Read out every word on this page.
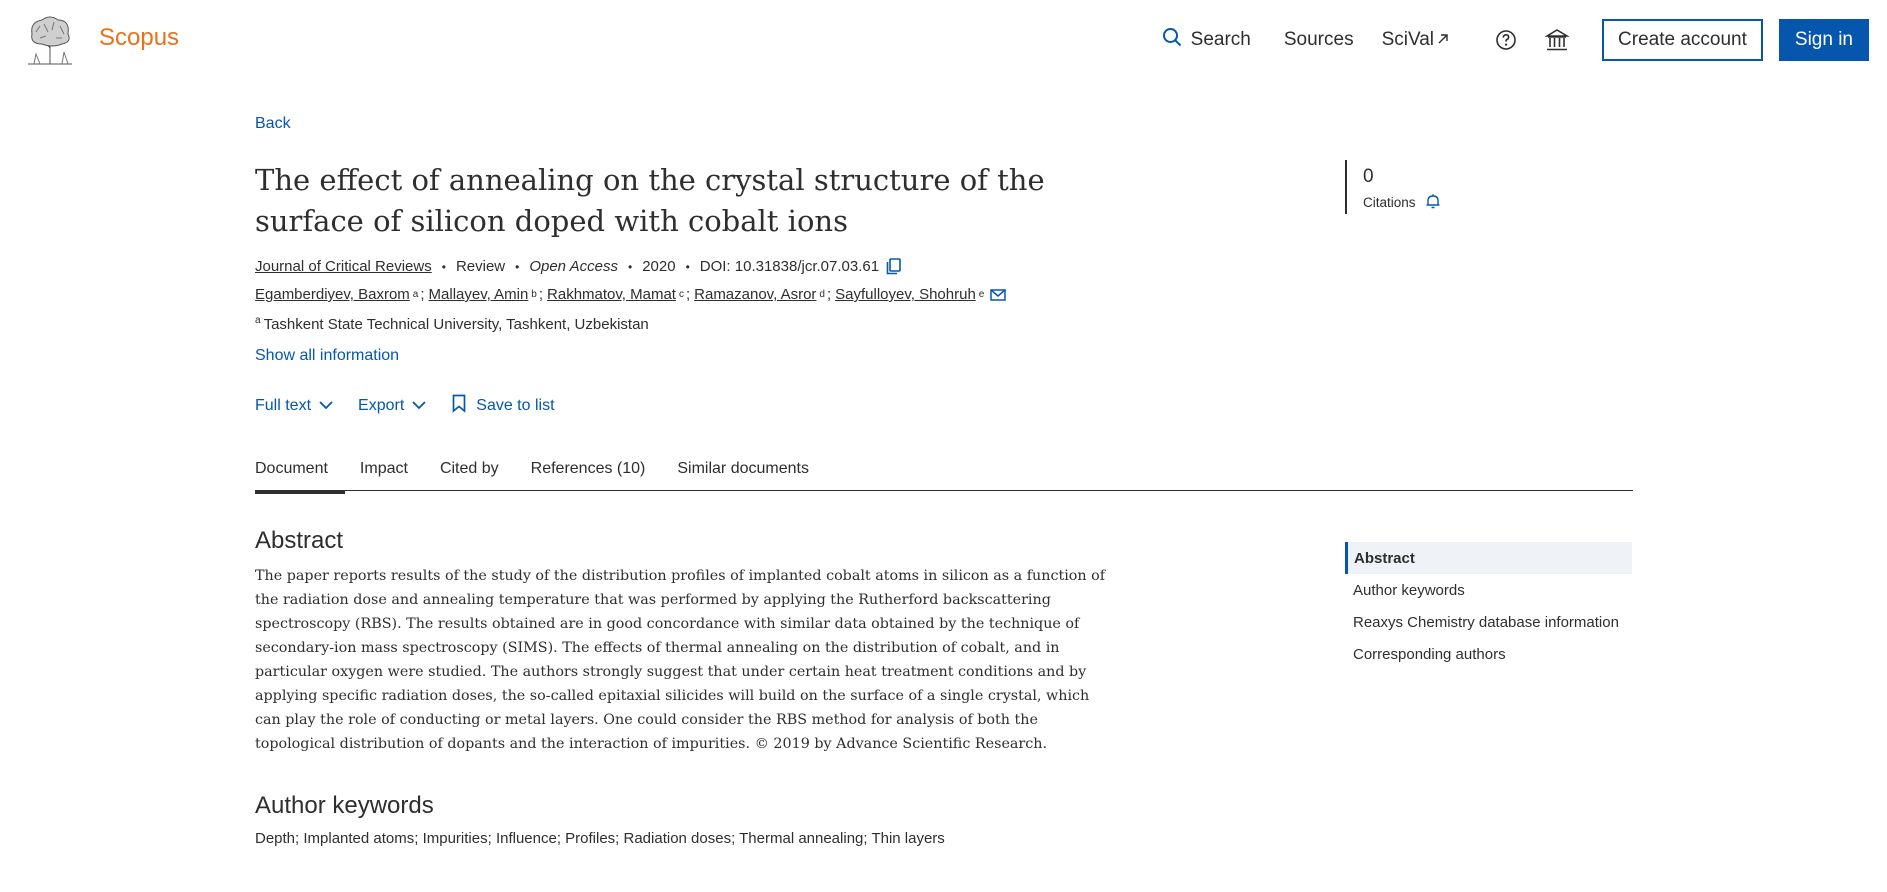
Scopus	Search Sources SciVal	Create account	Sign in
Back
The effect of annealing on the crystal structure of the surface of silicon doped with cobalt ions
Journal of Critical Reviews • Review • Open Access • 2020 • DOI: 10.31838/jcr.07.03.61
Egamberdiyev, Baxrom a ; Mallayev, Amin b ; Rakhmatov, Mamat c ; Ramazanov, Asror d ; Sayfulloyev, Shohruh e
$^a$ Tashkent State Technical University, Tashkent, Uzbekistan
Show all information
Full text	Export	Save to list
Document Impact Cited by References (10) Similar documents
Abstract

The paper reports results of the study of the distribution profiles of implanted cobalt atoms in silicon as a function of the radiation dose and annealing temperature that was performed by applying the Rutherford backscattering spectroscopy (RBS). The results obtained are in good concordance with similar data obtained by the technique of secondary-ion mass spectroscopy (SIMS). The effects of thermal annealing on the distribution of cobalt, and in particular oxygen were studied. The authors strongly suggest that under certain heat treatment conditions and by applying specific radiation doses, the so-called epitaxial silicides will build on the surface of a single crystal, which can play the role of conducting or metal layers. One could consider the RBS method for analysis of both the topological distribution of dopants and the interaction of impurities. © 2019 by Advance Scientific Research.

Author keywords

Depth; Implanted atoms; Impurities; Influence; Profiles; Radiation doses; Thermal annealing; Thin layers

0
Citations
Abstract
Author keywords
Reaxys Chemistry database information
Corresponding authors
